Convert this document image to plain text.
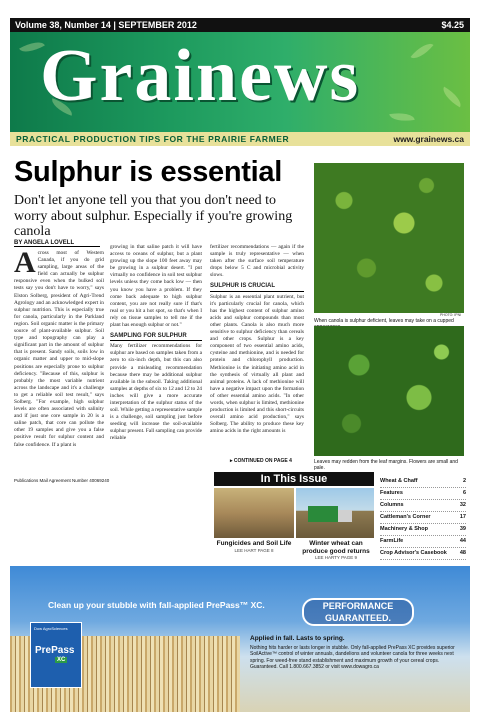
Volume 38, Number 14 | SEPTEMBER 2012	$4.25
Grainews
PRACTICAL PRODUCTION TIPS FOR THE PRAIRIE FARMER	www.grainews.ca
Sulphur is essential
Don't let anyone tell you that you don't need to worry about sulphur. Especially if you're growing canola
BY ANGELA LOVELL
A cross most of Western Canada, if you do grid sampling, large areas of the field can actually be sulphur responsive even when the bulked soil tests say you don't have to worry," says Elston Solberg, president of Agri-Trend Agrology and an acknowledged expert in sulphur nutrition. This is especially true for canola, particularly in the Parkland region. Soil organic matter is the primary source of plant-available sulphur. Soil type and topography can play a significant part in the amount of sulphur that is present. Sandy soils, soils low in organic matter and upper to mid-slope positions are especially prone to sulphur deficiency. "Because of this, sulphur is probably the most variable nutrient across the landscape and it's a challenge to get a reliable soil test result," says Solberg. "For example, high sulphur levels are often associated with salinity and if just one core sample in 20 is a saline patch, that core can pollute the other 19 samples and give you a false positive result for sulphur content and false confidence. If a plant is

growing in that saline patch it will have access to oceans of sulphur, but a plant growing up the slope 100 feet away may be growing in a sulphur desert. "I put virtually no confidence in soil test sulphur levels unless they come back low — then you know you have a problem. If they come back adequate to high sulphur content, you are not really sure if that's real or you hit a hot spot, so that's when I rely on tissue samples to tell me if the plant has enough sulphur or not."

SAMPLING FOR SULPHUR

Many fertilizer recommendations for sulphur are based on samples taken from a zero to six-inch depth, but this can also provide a misleading recommendation because there may be additional sulphur available in the subsoil. Taking additional samples at depths of six to 12 and 12 to 24 inches will give a more accurate interpretation of the sulphur status of the soil. While getting a representative sample is a challenge, soil sampling just before seeding will increase the soil-available sulphur present. Fall sampling can provide reliable

fertilizer recommendations — again if the sample is truly representative — when taken after the surface soil temperature drops below 5 C and microbial activity slows.

SULPHUR IS CRUCIAL

Sulphur is an essential plant nutrient, but it's particularly crucial for canola, which has the highest content of sulphur amino acids and sulphur compounds than most other plants. Canola is also much more sensitive to sulphur deficiency than cereals and other crops. Sulphur is a key component of two essential amino acids, cysteine and methionine, and is needed for protein and chlorophyll production. Methionine is the initiating amino acid in the synthesis of virtually all plant and animal proteins. A lack of methionine will have a negative impact upon the formation of other essential amino acids. "In other words, when sulphur is limited, methionine production is limited and this short-circuits overall amino acid production," says Solberg. The ability to produce these key amino acids in the right amounts is

▸ CONTINUED ON PAGE 4
Publications Mail Agreement Number 40069240
PHOTO: IPNI
When canola is sulphur deficient, leaves may take on a cupped
Leaves may redden from the leaf margins. Flowers are small and pale.
In This Issue
Fungicides and Soil Life
LEE HART PAGE 8
Winter wheat can produce good returns
LEE HARTY PAGE 9
Wheat & Chaff	2
Features	6
Columns	32
Cattleman's Corner	17
Machinery & Shop	39
FarmLife	44
Crop Advisor's Casebook 48
Clean up your stubble with fall-applied PrePass™ XC.	PERFORMANCE GUARANTEED.
Dow AgroSciences
PrePass
XC
Applied in fall. Lasts to spring.
Nothing hits harder or lasts longer in stubble. Only fall-applied PrePass XC provides superior SoilActive™ control of winter annuals, dandelions and volunteer canola for three weeks next spring. For weed-free stand establishment and maximum growth of your cereal crops. Guaranteed. Call 1.800.667.3852 or visit www.dowagro.ca
